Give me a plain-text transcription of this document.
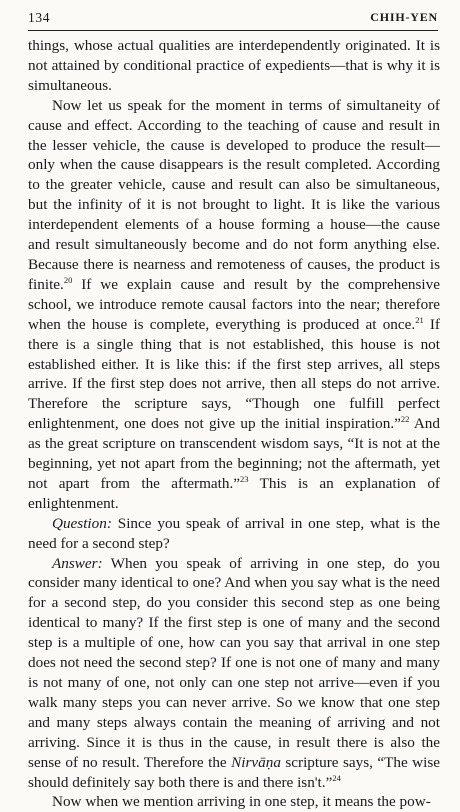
134	CHIH-YEN

things, whose actual qualities are interdependently originated. It is not attained by conditional practice of expedients—that is why it is simultaneous.

Now let us speak for the moment in terms of simultaneity of cause and effect. According to the teaching of cause and result in the lesser vehicle, the cause is developed to produce the result—only when the cause disappears is the result completed. According to the greater vehicle, cause and result can also be simultaneous, but the infinity of it is not brought to light. It is like the various interdependent elements of a house forming a house—the cause and result simultaneously become and do not form anything else. Because there is nearness and remoteness of causes, the product is finite.$^{20}$ If we explain cause and result by the comprehensive school, we introduce remote causal factors into the near; therefore when the house is complete, everything is produced at once.$^{21}$ If there is a single thing that is not established, this house is not established either. It is like this: if the first step arrives, all steps arrive. If the first step does not arrive, then all steps do not arrive. Therefore the scripture says, “Though one fulfill perfect enlightenment, one does not give up the initial inspiration.”$^{22}$ And as the great scripture on transcendent wisdom says, “It is not at the beginning, yet not apart from the beginning; not the aftermath, yet not apart from the aftermath.”$^{23}$ This is an explanation of enlightenment.

Question: Since you speak of arrival in one step, what is the need for a second step?

Answer: When you speak of arriving in one step, do you consider many identical to one? And when you say what is the need for a second step, do you consider this second step as one being identical to many? If the first step is one of many and the second step is a multiple of one, how can you say that arrival in one step does not need the second step? If one is not one of many and many is not many of one, not only can one step not arrive—even if you walk many steps you can never arrive. So we know that one step and many steps always contain the meaning of arriving and not arriving. Since it is thus in the cause, in result there is also the sense of no result. Therefore the Nirvāṇa scripture says, “The wise should definitely say both there is and there isn't.”$^{24}$

Now when we mention arriving in one step, it means the pow-
